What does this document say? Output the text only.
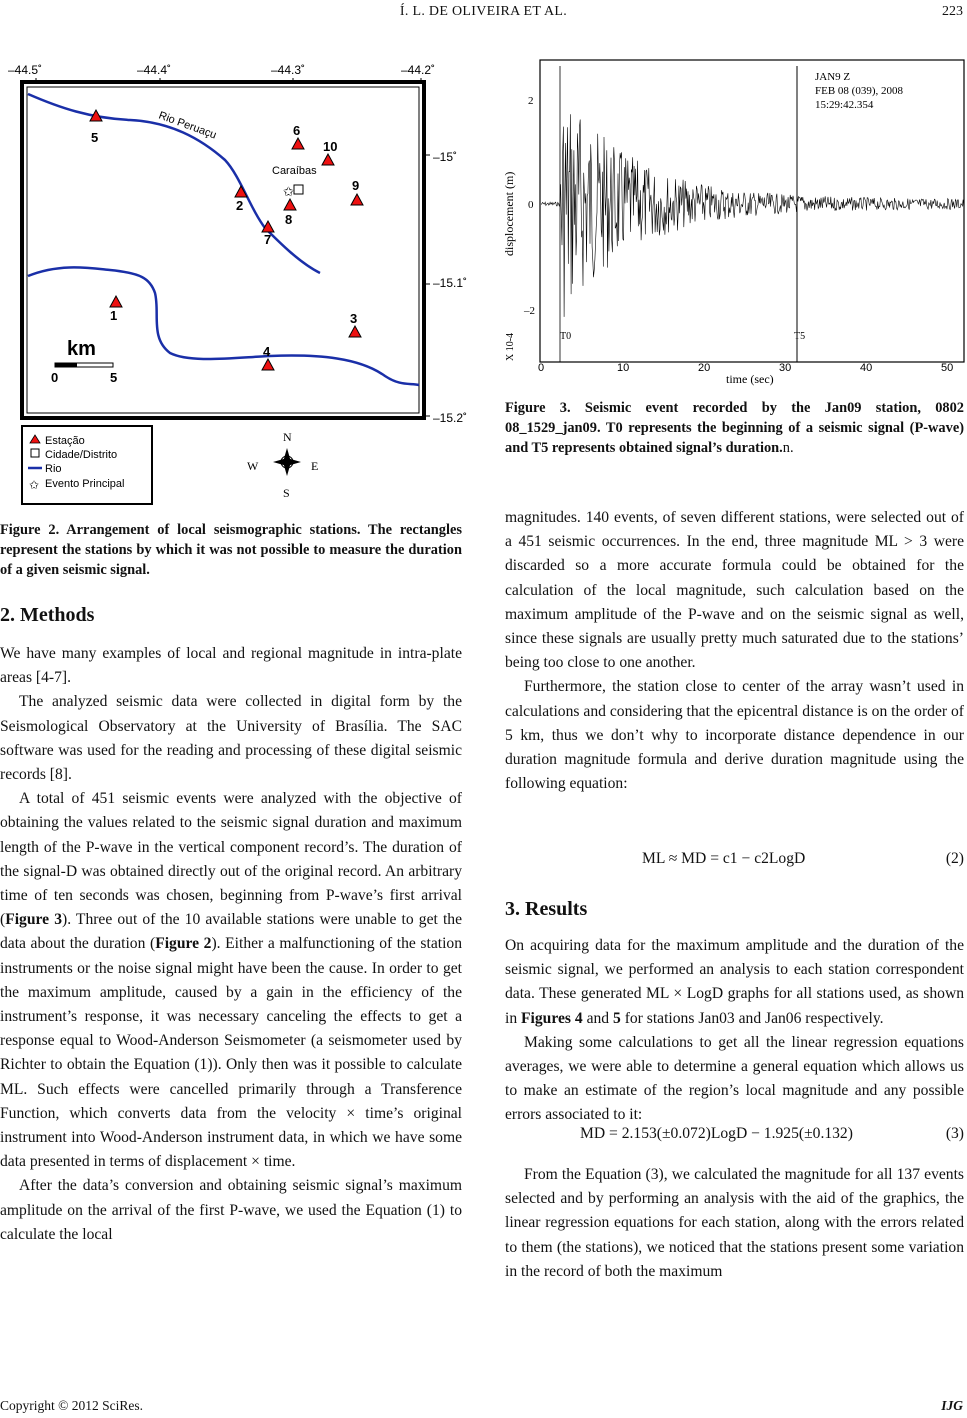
Í. L. DE OLIVEIRA ET AL.	223
–44.5˚	–44.4˚	–44.3˚	–44.2˚
–15˚
–15.1˚
–15.2˚
Rio Peruaçu
Caraíbas
✩
1
2
3
4
5	6
7
8
9
10
km
0	5
Estação
Cidade/Distrito
Rio
✩ Evento Principal
N
S
W	E
Figure 2. Arrangement of local seismographic stations. The rectangles represent the stations by which it was not possible to measure the duration of a given seismic signal.
2. Methods

We have many examples of local and regional magnitude in intra-plate areas [4-7].

The analyzed seismic data were collected in digital form by the Seismological Observatory at the University of Brasília. The SAC software was used for the reading and processing of these digital seismic records [8].

A total of 451 seismic events were analyzed with the objective of obtaining the values related to the seismic signal duration and maximum length of the P-wave in the vertical component record’s. The duration of the signal-D was obtained directly out of the original record. An arbitrary time of ten seconds was chosen, beginning from P-wave’s first arrival (Figure 3). Three out of the 10 available stations were unable to get the data about the duration (Figure 2). Either a malfunctioning of the station instruments or the noise signal might have been the cause. In order to get the maximum amplitude, caused by a gain in the efficiency of the instrument’s response, it was necessary canceling the effects to get a response equal to Wood-Anderson Seismometer (a seismometer used by Richter to obtain the Equation (1)). Only then was it possible to calculate ML. Such effects were cancelled primarily through a Transference Function, which converts data from the velocity × time’s original instrument into Wood-Anderson instrument data, in which we have some data presented in terms of displacement × time.

After the data’s conversion and obtaining seismic signal’s maximum amplitude on the arrival of the first P-wave, we used the Equation (1) to calculate the local

JAN9 Z
FEB 08 (039), 2008
15:29:42.354
2
0
–2
displocement (m)
X 10-4	T0	T5
0	10	20	30	40	50
time (sec)
Figure 3. Seismic event recorded by the Jan09 station, 0802 08_1529_jan09. T0 represents the beginning of a seismic signal (P-wave) and T5 represents obtained signal’s duration.n.

magnitudes. 140 events, of seven different stations, were selected out of a 451 seismic occurrences. In the end, three magnitude ML > 3 were discarded so a more accurate formula could be obtained for the calculation of the local magnitude, such calculation based on the maximum amplitude of the P-wave and on the seismic signal as well, since these signals are usually pretty much saturated due to the stations’ being too close to one another.

Furthermore, the station close to center of the array wasn’t used in calculations and considering that the epicentral distance is on the order of 5 km, thus we don’t why to incorporate distance dependence in our duration magnitude formula and derive duration magnitude using the following equation:

ML ≈ MD = c1 − c2LogD	(2)
3. Results

On acquiring data for the maximum amplitude and the duration of the seismic signal, we performed an analysis to each station correspondent data. These generated ML × LogD graphs for all stations used, as shown in Figures 4 and 5 for stations Jan03 and Jan06 respectively.

Making some calculations to get all the linear regression equations averages, we were able to determine a general equation which allows us to make an estimate of the region’s local magnitude and any possible errors associated to it:

MD = 2.153(±0.072)LogD − 1.925(±0.132)	(3)

From the Equation (3), we calculated the magnitude for all 137 events selected and by performing an analysis with the aid of the graphics, the linear regression equations for each station, along with the errors related to them (the stations), we noticed that the stations present some variation in the record of both the maximum

Copyright © 2012 SciRes.	IJG
